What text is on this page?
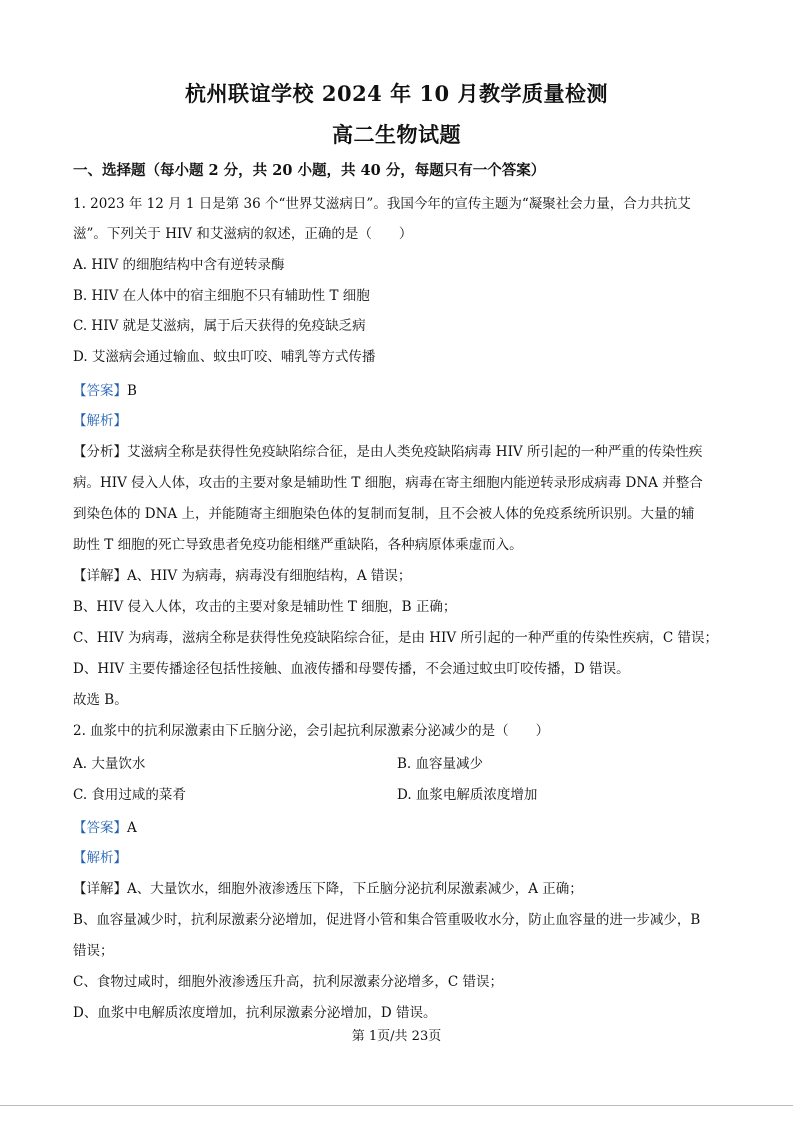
杭州联谊学校 2024 年 10 月教学质量检测
高二生物试题
一、选择题（每小题 2 分，共 20 小题，共 40 分，每题只有一个答案）
1. 2023 年 12 月 1 日是第 36 个“世界艾滋病日”。我国今年的宣传主题为“凝聚社会力量，合力共抗艾
滋”。下列关于 HIV 和艾滋病的叙述，正确的是（　　）
A. HIV 的细胞结构中含有逆转录酶
B. HIV 在人体中的宿主细胞不只有辅助性 T 细胞
C. HIV 就是艾滋病，属于后天获得的免疫缺乏病
D. 艾滋病会通过输血、蚊虫叮咬、哺乳等方式传播
【答案】B
【解析】
【分析】艾滋病全称是获得性免疫缺陷综合征，是由人类免疫缺陷病毒 HIV 所引起的一种严重的传染性疾
病。HIV 侵入人体，攻击的主要对象是辅助性 T 细胞，病毒在寄主细胞内能逆转录形成病毒 DNA 并整合
到染色体的 DNA 上，并能随寄主细胞染色体的复制而复制，且不会被人体的免疫系统所识别。大量的辅
助性 T 细胞的死亡导致患者免疫功能相继严重缺陷，各种病原体乘虚而入。
【详解】A、HIV 为病毒，病毒没有细胞结构，A 错误；
B、HIV 侵入人体，攻击的主要对象是辅助性 T 细胞，B 正确；
C、HIV 为病毒，滋病全称是获得性免疫缺陷综合征，是由 HIV 所引起的一种严重的传染性疾病，C 错误；
D、HIV 主要传播途径包括性接触、血液传播和母婴传播，不会通过蚊虫叮咬传播，D 错误。
故选 B。
2. 血浆中的抗利尿激素由下丘脑分泌，会引起抗利尿激素分泌减少的是（　　）
A. 大量饮水	B. 血容量减少
C. 食用过咸的菜肴	D. 血浆电解质浓度增加
【答案】A
【解析】
【详解】A、大量饮水，细胞外液渗透压下降，下丘脑分泌抗利尿激素减少，A 正确；
B、血容量减少时，抗利尿激素分泌增加，促进肾小管和集合管重吸收水分，防止血容量的进一步减少，B
错误；
C、食物过咸时，细胞外液渗透压升高，抗利尿激素分泌增多，C 错误；
D、血浆中电解质浓度增加，抗利尿激素分泌增加，D 错误。
第 1页/共 23页
